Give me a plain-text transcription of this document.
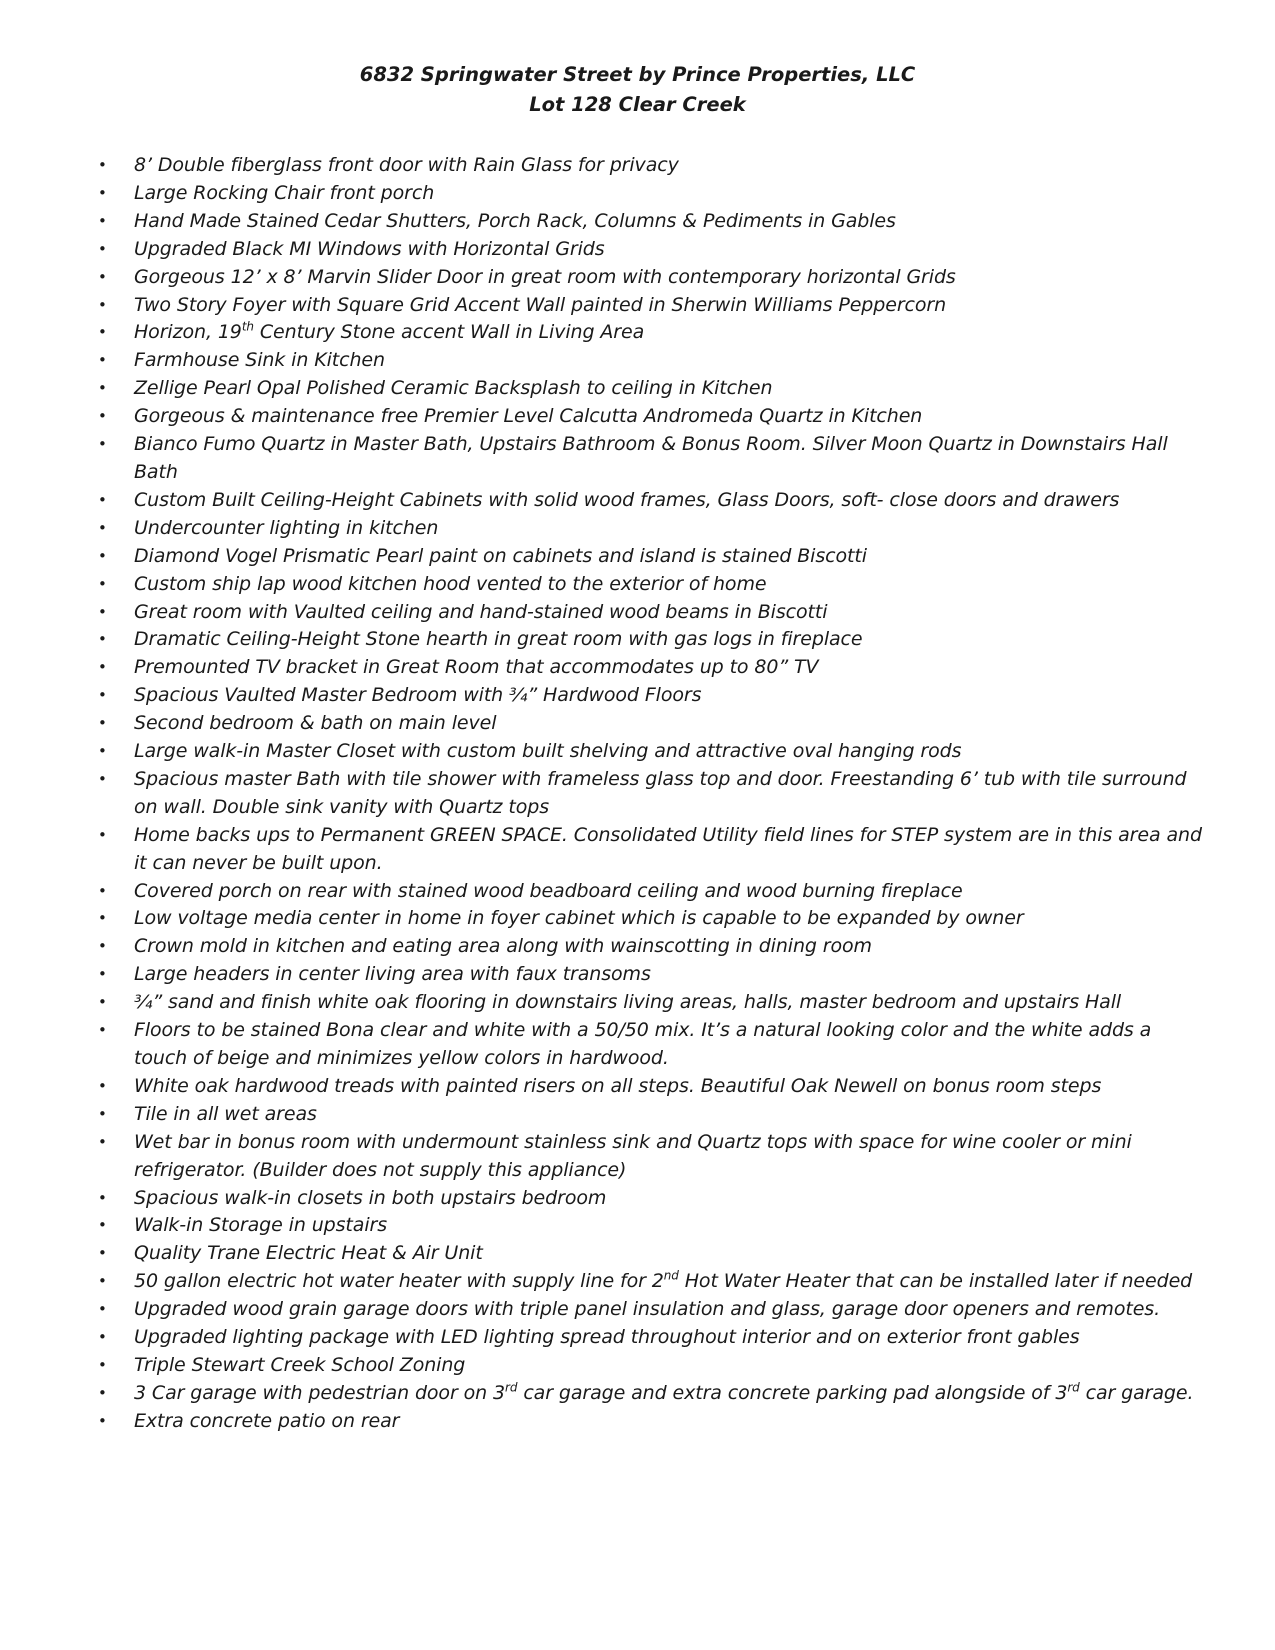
6832 Springwater Street by Prince Properties, LLC
Lot 128 Clear Creek
• 8’ Double fiberglass front door with Rain Glass for privacy
• Large Rocking Chair front porch
• Hand Made Stained Cedar Shutters, Porch Rack, Columns & Pediments in Gables
• Upgraded Black MI Windows with Horizontal Grids
• Gorgeous 12’ x 8’ Marvin Slider Door in great room with contemporary horizontal Grids
• Two Story Foyer with Square Grid Accent Wall painted in Sherwin Williams Peppercorn
• Horizon, 19th Century Stone accent Wall in Living Area
• Farmhouse Sink in Kitchen
• Zellige Pearl Opal Polished Ceramic Backsplash to ceiling in Kitchen
• Gorgeous & maintenance free Premier Level Calcutta Andromeda Quartz in Kitchen
• Bianco Fumo Quartz in Master Bath, Upstairs Bathroom & Bonus Room. Silver Moon Quartz in Downstairs Hall Bath
• Custom Built Ceiling-Height Cabinets with solid wood frames, Glass Doors, soft- close doors and drawers
• Undercounter lighting in kitchen
• Diamond Vogel Prismatic Pearl paint on cabinets and island is stained Biscotti
• Custom ship lap wood kitchen hood vented to the exterior of home
• Great room with Vaulted ceiling and hand-stained wood beams in Biscotti
• Dramatic Ceiling-Height Stone hearth in great room with gas logs in fireplace
• Premounted TV bracket in Great Room that accommodates up to 80” TV
• Spacious Vaulted Master Bedroom with ¾” Hardwood Floors
• Second bedroom & bath on main level
• Large walk-in Master Closet with custom built shelving and attractive oval hanging rods
• Spacious master Bath with tile shower with frameless glass top and door. Freestanding 6’ tub with tile surround on wall. Double sink vanity with Quartz tops
• Home backs ups to Permanent GREEN SPACE. Consolidated Utility field lines for STEP system are in this area and it can never be built upon.
• Covered porch on rear with stained wood beadboard ceiling and wood burning fireplace
• Low voltage media center in home in foyer cabinet which is capable to be expanded by owner
• Crown mold in kitchen and eating area along with wainscotting in dining room
• Large headers in center living area with faux transoms
• ¾” sand and finish white oak flooring in downstairs living areas, halls, master bedroom and upstairs Hall
• Floors to be stained Bona clear and white with a 50/50 mix. It’s a natural looking color and the white adds a touch of beige and minimizes yellow colors in hardwood.
• White oak hardwood treads with painted risers on all steps. Beautiful Oak Newell on bonus room steps
• Tile in all wet areas
• Wet bar in bonus room with undermount stainless sink and Quartz tops with space for wine cooler or mini refrigerator. (Builder does not supply this appliance)
• Spacious walk-in closets in both upstairs bedroom
• Walk-in Storage in upstairs
• Quality Trane Electric Heat & Air Unit
• 50 gallon electric hot water heater with supply line for 2nd Hot Water Heater that can be installed later if needed
• Upgraded wood grain garage doors with triple panel insulation and glass, garage door openers and remotes.
• Upgraded lighting package with LED lighting spread throughout interior and on exterior front gables
• Triple Stewart Creek School Zoning
• 3 Car garage with pedestrian door on 3rd car garage and extra concrete parking pad alongside of 3rd car garage.
• Extra concrete patio on rear
